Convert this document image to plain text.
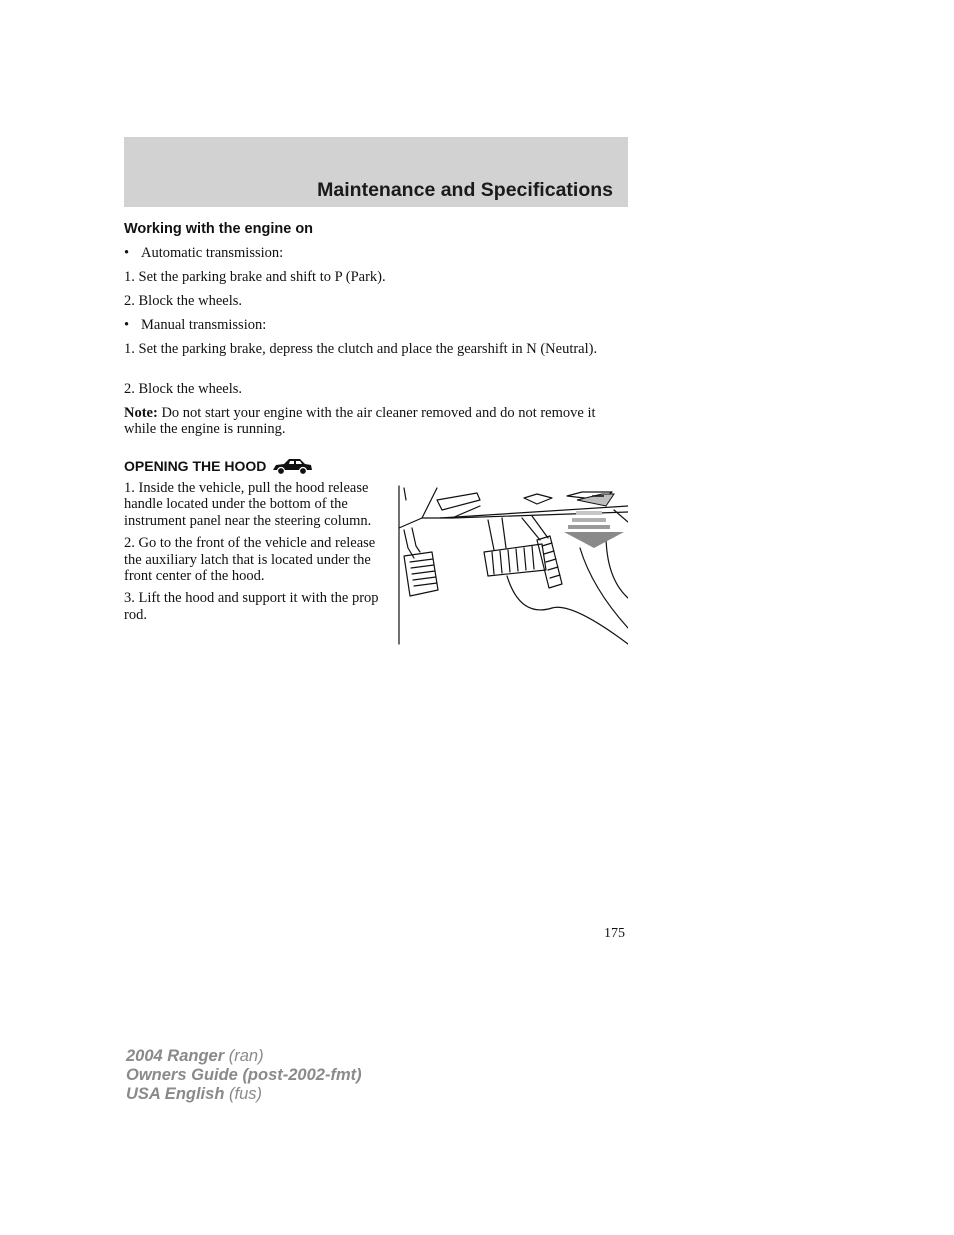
Maintenance and Specifications
Working with the engine on
• Automatic transmission:
1. Set the parking brake and shift to P (Park).
2. Block the wheels.
• Manual transmission:
1. Set the parking brake, depress the clutch and place the gearshift in N (Neutral).
2. Block the wheels.
Note: Do not start your engine with the air cleaner removed and do not remove it while the engine is running.
OPENING THE HOOD
1. Inside the vehicle, pull the hood release handle located under the bottom of the instrument panel near the steering column.
2. Go to the front of the vehicle and release the auxiliary latch that is located under the front center of the hood.
3. Lift the hood and support it with the prop rod.
175
2004 Ranger (ran)
Owners Guide (post-2002-fmt)
USA English (fus)
